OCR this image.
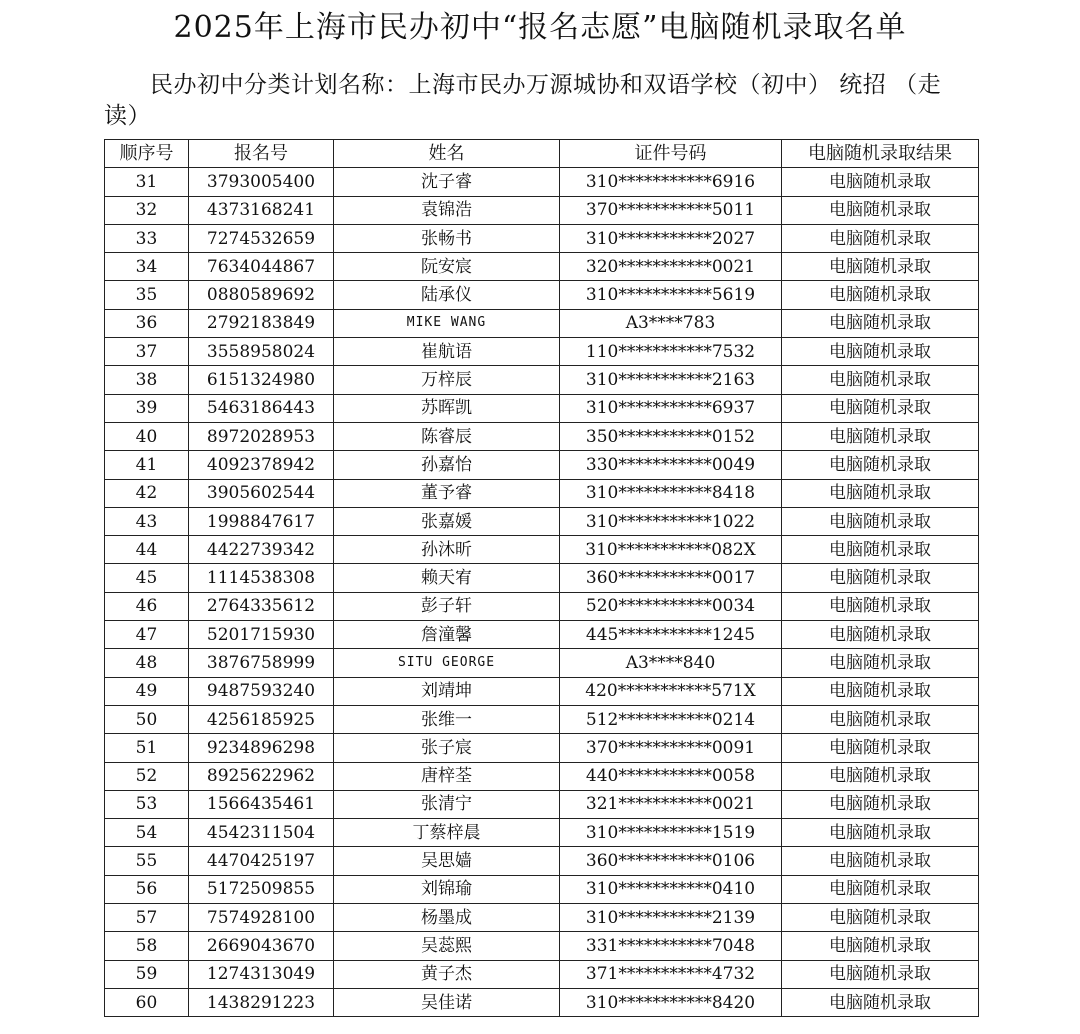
2025年上海市民办初中“报名志愿”电脑随机录取名单
民办初中分类计划名称：上海市民办万源城协和双语学校（初中） 统招 （走读）
顺序号	报名号	姓名	证件号码	电脑随机录取结果
31	3793005400	沈子睿	310***********6916	电脑随机录取
32	4373168241	袁锦浩	370***********5011	电脑随机录取
33	7274532659	张畅书	310***********2027	电脑随机录取
34	7634044867	阮安宸	320***********0021	电脑随机录取
35	0880589692	陆承仪	310***********5619	电脑随机录取
36	2792183849	MIKE WANG	A3****783	电脑随机录取
37	3558958024	崔航语	110***********7532	电脑随机录取
38	6151324980	万梓辰	310***********2163	电脑随机录取
39	5463186443	苏晖凯	310***********6937	电脑随机录取
40	8972028953	陈睿辰	350***********0152	电脑随机录取
41	4092378942	孙嘉怡	330***********0049	电脑随机录取
42	3905602544	董予睿	310***********8418	电脑随机录取
43	1998847617	张嘉媛	310***********1022	电脑随机录取
44	4422739342	孙沐昕	310***********082X	电脑随机录取
45	1114538308	赖天宥	360***********0017	电脑随机录取
46	2764335612	彭子轩	520***********0034	电脑随机录取
47	5201715930	詹潼馨	445***********1245	电脑随机录取
48	3876758999	SITU GEORGE	A3****840	电脑随机录取
49	9487593240	刘靖坤	420***********571X	电脑随机录取
50	4256185925	张维一	512***********0214	电脑随机录取
51	9234896298	张子宸	370***********0091	电脑随机录取
52	8925622962	唐梓荃	440***********0058	电脑随机录取
53	1566435461	张清宁	321***********0021	电脑随机录取
54	4542311504	丁蔡梓晨	310***********1519	电脑随机录取
55	4470425197	吴思嫱	360***********0106	电脑随机录取
56	5172509855	刘锦瑜	310***********0410	电脑随机录取
57	7574928100	杨墨成	310***********2139	电脑随机录取
58	2669043670	吴蕊熙	331***********7048	电脑随机录取
59	1274313049	黄子杰	371***********4732	电脑随机录取
60	1438291223	吴佳诺	310***********8420	电脑随机录取
